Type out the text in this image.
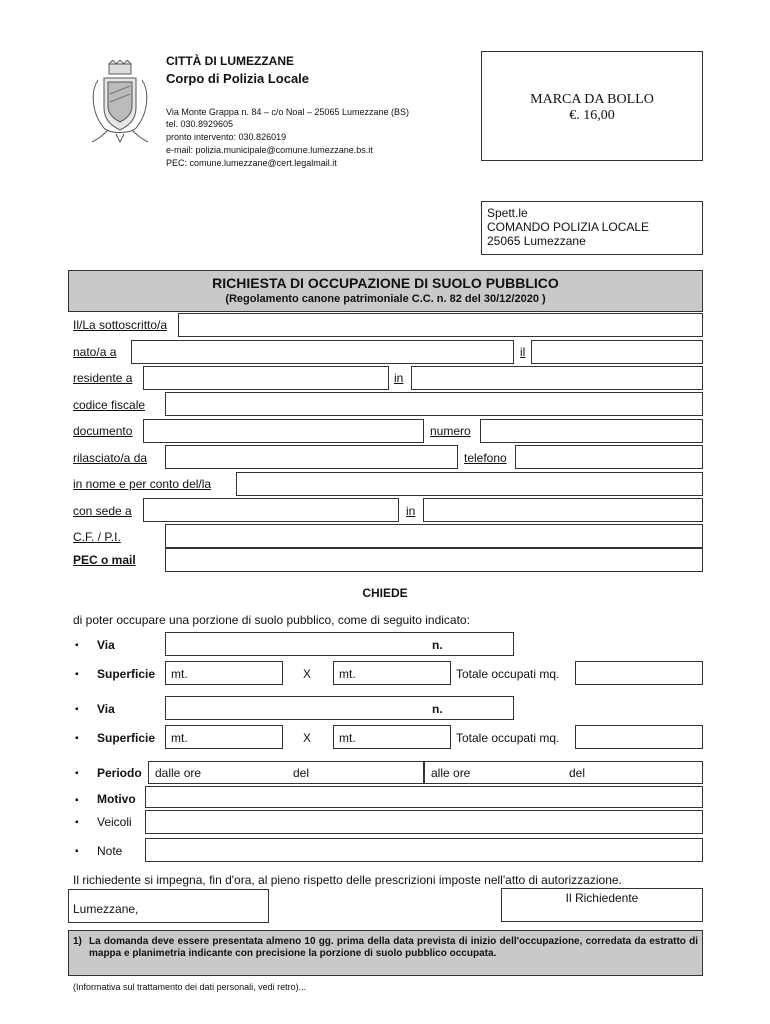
CITTÀ DI LUMEZZANE
Corpo di Polizia Locale
Via Monte Grappa n. 84 – c/o Noal – 25065 Lumezzane (BS)
tel. 030.8929605
pronto intervento: 030.826019
e-mail: polizia.municipale@comune.lumezzane.bs.it
PEC: comune.lumezzane@cert.legalmail.it
MARCA DA BOLLO
€. 16,00
Spett.le
COMANDO POLIZIA LOCALE
25065 Lumezzane
RICHIESTA DI OCCUPAZIONE DI SUOLO PUBBLICO
(Regolamento canone patrimoniale C.C. n. 82 del 30/12/2020 )
Il/La sottoscritto/a
nato/a a	il
residente a	in
codice fiscale
documento	numero
rilasciato/a da	telefono
in nome e per conto del/la
con sede a	in
C.F. / P.I.
PEC o mail
CHIEDE
di poter occupare una porzione di suolo pubblico, come di seguito indicato:
▪ Via	n.
▪ Superficie mt.	X mt.	Totale occupati mq.
▪ Via	n.
▪ Superficie mt.	X mt.	Totale occupati mq.
▪ Periodo dalle ore	del	alle ore	del
▪ Motivo
▪ Veicoli
▪ Note
Il richiedente si impegna, fin d'ora, al pieno rispetto delle prescrizioni imposte nell'atto di autorizzazione.
Lumezzane,
Il Richiedente
1) La domanda deve essere presentata almeno 10 gg. prima della data prevista di inizio dell'occupazione, corredata da estratto di mappa e planimetria indicante con precisione la porzione di suolo pubblico occupata.
(Informativa sul trattamento dei dati personali, vedi retro)...
